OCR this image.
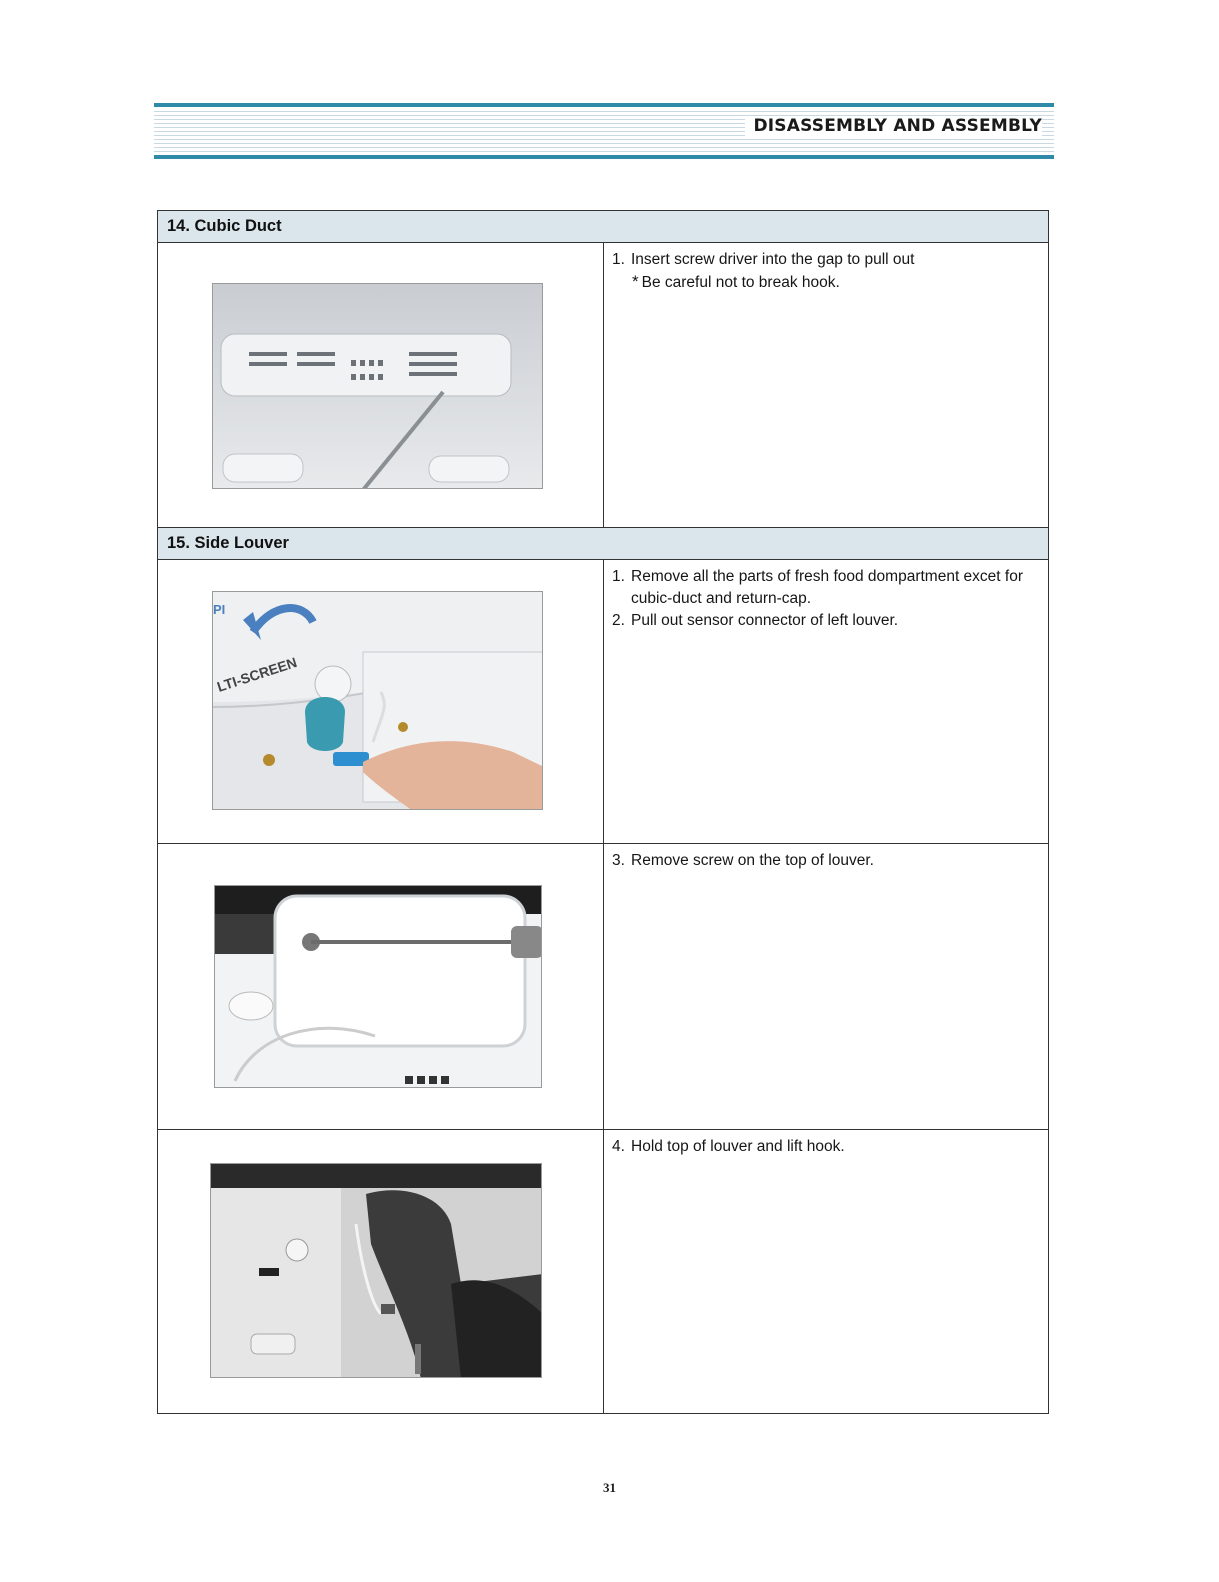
DISASSEMBLY AND ASSEMBLY
14. Cubic Duct
1. Insert screw driver into the gap to pull out
* Be careful not to break hook.
15. Side Louver
PI
LTI-SCREEN
1. Remove all the parts of fresh food dompartment excet for cubic-duct and return-cap.
2. Pull out sensor connector of left louver.
3. Remove screw on the top of louver.
4. Hold top of louver and lift hook.
31
